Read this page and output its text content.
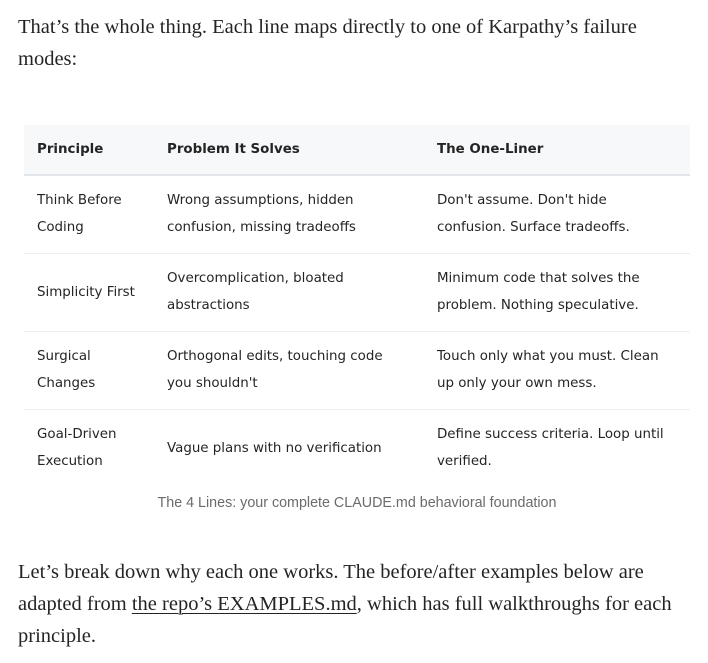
That’s the whole thing. Each line maps directly to one of Karpathy’s failure modes:

Principle	Problem It Solves	The One-Liner
Think Before Coding	Wrong assumptions, hidden confusion, missing tradeoffs	Don't assume. Don't hide confusion. Surface tradeoffs.
Simplicity First	Overcomplication, bloated abstractions	Minimum code that solves the problem. Nothing speculative.
Surgical Changes	Orthogonal edits, touching code you shouldn't	Touch only what you must. Clean up only your own mess.
Goal-Driven Execution	Vague plans with no verification	Define success criteria. Loop until verified.
The 4 Lines: your complete CLAUDE.md behavioral foundation

Let’s break down why each one works. The before/after examples below are adapted from the repo’s EXAMPLES.md, which has full walkthroughs for each principle.
